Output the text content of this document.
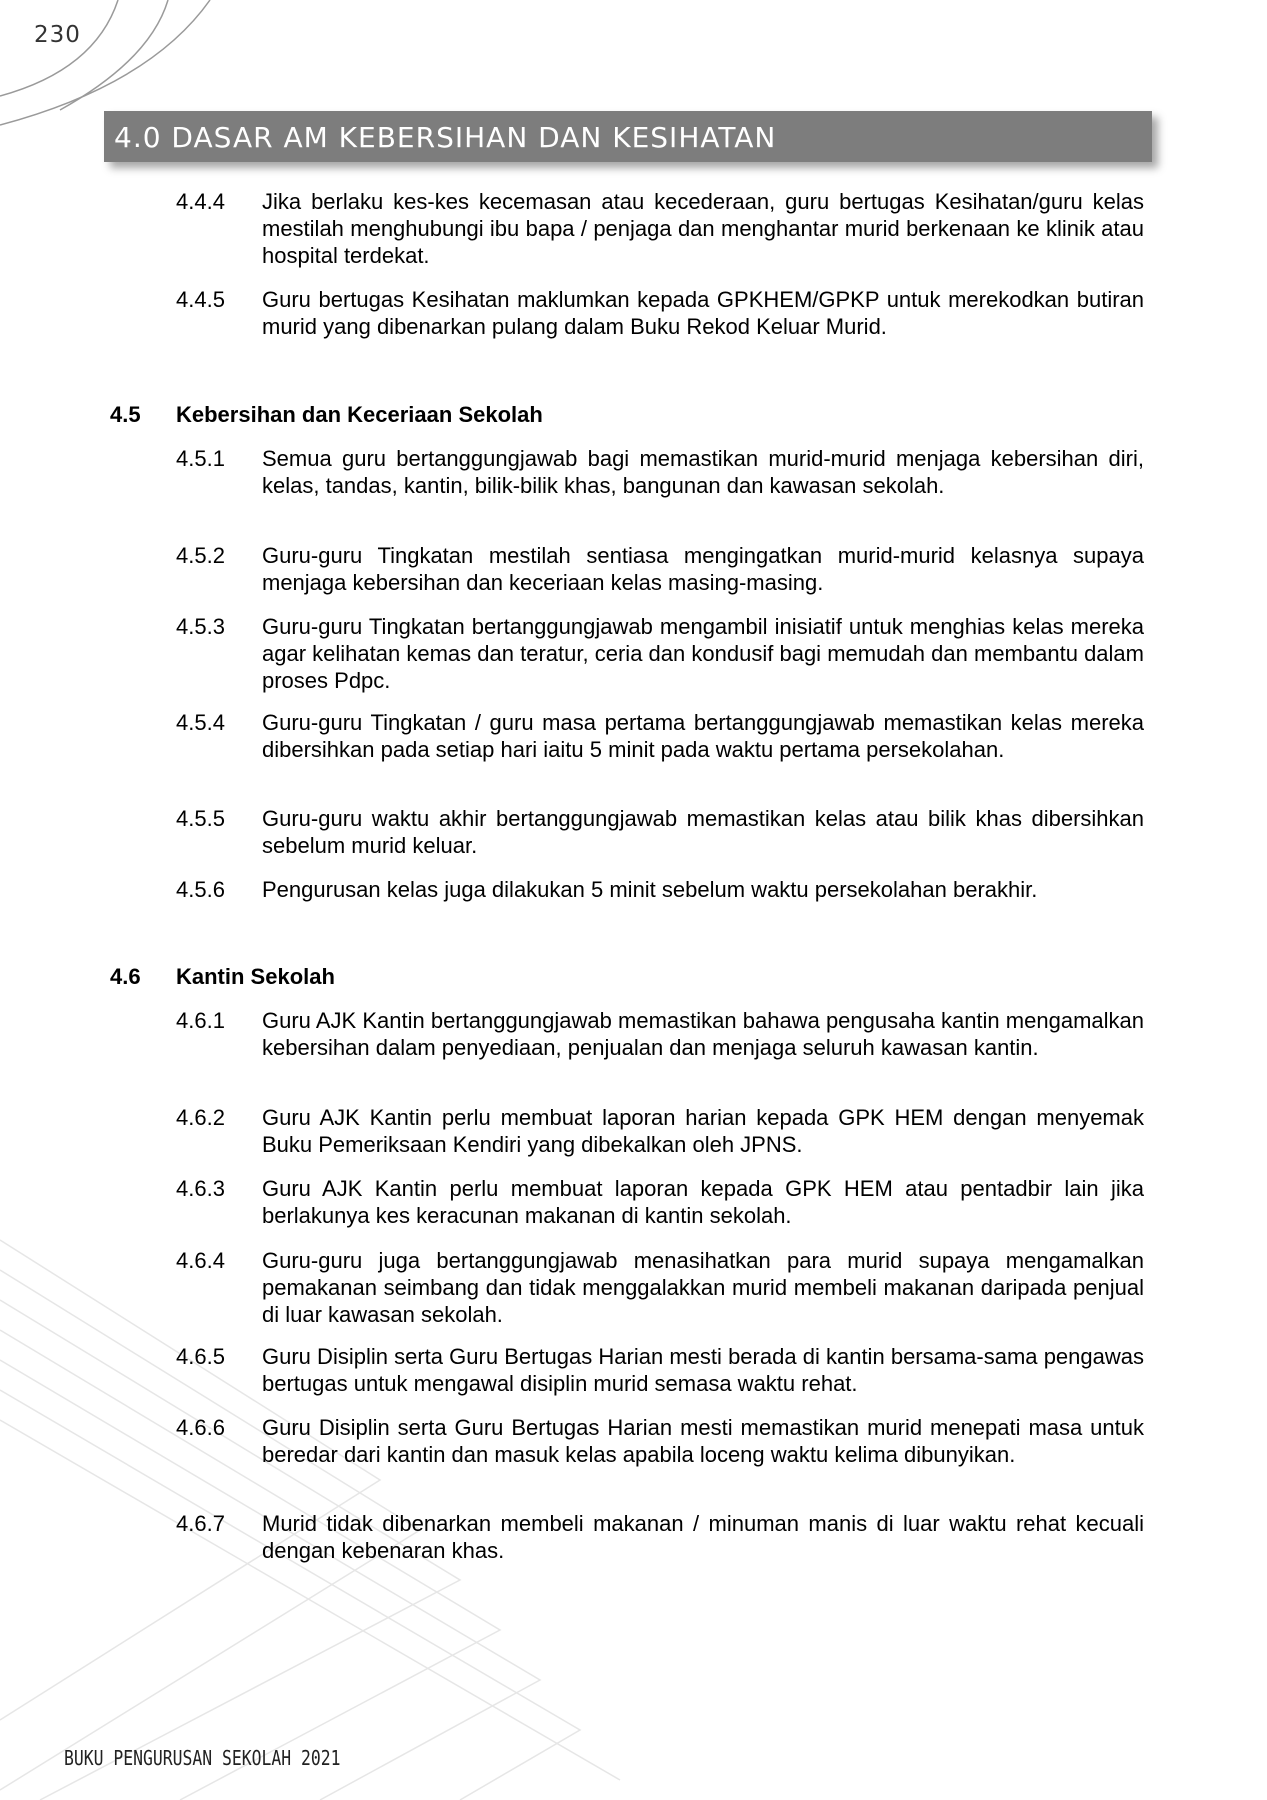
230
4.0 DASAR AM KEBERSIHAN DAN KESIHATAN
4.4.4	Jika berlaku kes-kes kecemasan atau kecederaan, guru bertugas Kesihatan/guru kelas mestilah menghubungi ibu bapa / penjaga dan menghantar murid berkenaan ke klinik atau hospital terdekat.
4.4.5	Guru bertugas Kesihatan maklumkan kepada GPKHEM/GPKP untuk merekodkan butiran murid yang dibenarkan pulang dalam Buku Rekod Keluar Murid.
4.5 Kebersihan dan Keceriaan Sekolah
4.5.1	Semua guru bertanggungjawab bagi memastikan murid-murid menjaga kebersihan diri, kelas, tandas, kantin, bilik-bilik khas, bangunan dan kawasan sekolah.
4.5.2	Guru-guru Tingkatan mestilah sentiasa mengingatkan murid-murid kelasnya supaya menjaga kebersihan dan keceriaan kelas masing-masing.
4.5.3	Guru-guru Tingkatan bertanggungjawab mengambil inisiatif untuk menghias kelas mereka agar kelihatan kemas dan teratur, ceria dan kondusif bagi memudah dan membantu dalam proses Pdpc.
4.5.4	Guru-guru Tingkatan / guru masa pertama bertanggungjawab memastikan kelas mereka dibersihkan pada setiap hari iaitu 5 minit pada waktu pertama persekolahan.
4.5.5	Guru-guru waktu akhir bertanggungjawab memastikan kelas atau bilik khas dibersihkan sebelum murid keluar.
4.5.6	Pengurusan kelas juga dilakukan 5 minit sebelum waktu persekolahan berakhir.
4.6 Kantin Sekolah
4.6.1	Guru AJK Kantin bertanggungjawab memastikan bahawa pengusaha kantin mengamalkan kebersihan dalam penyediaan, penjualan dan menjaga seluruh kawasan kantin.
4.6.2	Guru AJK Kantin perlu membuat laporan harian kepada GPK HEM dengan menyemak Buku Pemeriksaan Kendiri yang dibekalkan oleh JPNS.
4.6.3	Guru AJK Kantin perlu membuat laporan kepada GPK HEM atau pentadbir lain jika berlakunya kes keracunan makanan di kantin sekolah.
4.6.4	Guru-guru juga bertanggungjawab menasihatkan para murid supaya mengamalkan pemakanan seimbang dan tidak menggalakkan murid membeli makanan daripada penjual di luar kawasan sekolah.
4.6.5	Guru Disiplin serta Guru Bertugas Harian mesti berada di kantin bersama-sama pengawas bertugas untuk mengawal disiplin murid semasa waktu rehat.
4.6.6	Guru Disiplin serta Guru Bertugas Harian mesti memastikan murid menepati masa untuk beredar dari kantin dan masuk kelas apabila loceng waktu kelima dibunyikan.
4.6.7	Murid tidak dibenarkan membeli makanan / minuman manis di luar waktu rehat kecuali dengan kebenaran khas.
BUKU PENGURUSAN SEKOLAH 2021
